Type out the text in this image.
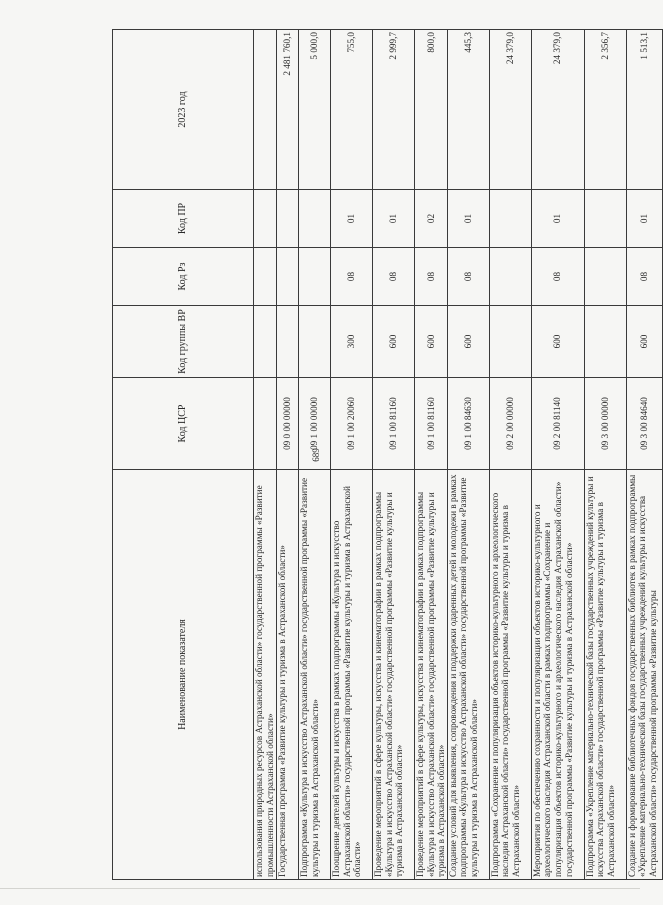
689
Наименование показателя	Код ЦСР	Код группы ВР	Код Рз	Код ПР	2023 год
использования природных ресурсов Астраханской области» государственной программы «Развитие промышленности Астраханской области»					
Государственная программа «Развитие культуры и туризма в Астраханской области»	09 0 00 00000				2 481 760,1
Подпрограмма «Культура и искусство Астраханской области» государственной программы «Развитие культуры и туризма в Астраханской области»	09 1 00 00000				5 000,0
Поощрение деятелей культуры и искусства в рамках подпрограммы «Культура и искусство Астраханской области» государственной программы «Развитие культуры и туризма в Астраханской области»	09 1 00 20060	300	08	01	755,0
Проведение мероприятий в сфере культуры, искусства и кинематографии в рамках подпрограммы «Культура и искусство Астраханской области» государственной программы «Развитие культуры и туризма в Астраханской области»	09 1 00 81160	600	08	01	2 999,7
Проведение мероприятий в сфере культуры, искусства и кинематографии в рамках подпрограммы «Культура и искусство Астраханской области» государственной программы «Развитие культуры и туризма в Астраханской области»	09 1 00 81160	600	08	02	800,0
Создание условий для выявления, сопровождения и поддержки одаренных детей и молодежи в рамках подпрограммы «Культура и искусство Астраханской области» государственной программы «Развитие культуры и туризма в Астраханской области»	09 1 00 84630	600	08	01	445,3
Подпрограмма «Сохранение и популяризация объектов историко-культурного и археологического наследия Астраханской области» государственной программы «Развитие культуры и туризма в Астраханской области»	09 2 00 00000				24 379,0
Мероприятия по обеспечению сохранности и популяризации объектов историко-культурного и археологического наследия Астраханской области в рамках подпрограммы «Сохранение и популяризация объектов историко-культурного и археологического наследия Астраханской области» государственной программы «Развитие культуры и туризма в Астраханской области»	09 2 00 81140	600	08	01	24 379,0
Подпрограмма «Укрепление материально-технической базы государственных учреждений культуры и искусства Астраханской области» государственной программы «Развитие культуры и туризма в Астраханской области»	09 3 00 00000				2 356,7
Создание и формирование библиотечных фондов государственных библиотек в рамках подпрограммы «Укрепление материально-технической базы государственных учреждений культуры и искусства Астраханской области» государственной программы «Развитие культуры	09 3 00 84640	600	08	01	1 513,1
